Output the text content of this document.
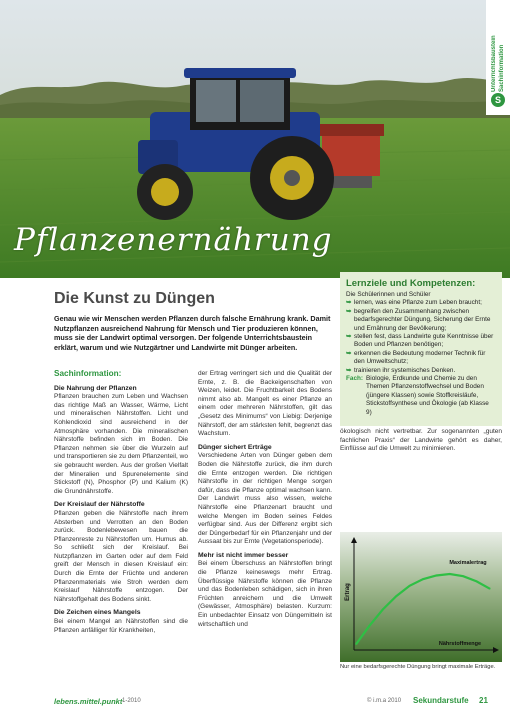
Pflanzenernährung
Unterrichtsbaustein Sachinformation
S
Die Kunst zu Düngen
Genau wie wir Menschen werden Pflanzen durch falsche Ernährung krank. Damit Nutzpflanzen ausreichend Nahrung für Mensch und Tier produzieren können, muss sie der Landwirt optimal versorgen. Der folgende Unterrichtsbaustein erklärt, warum und wie Nutzgärtner und Landwirte mit Dünger arbeiten.
Lernziele und Kompetenzen:
Die Schülerinnen und Schüler
➥ lernen, was eine Pflanze zum Leben braucht;
➥ begreifen den Zusammenhang zwischen bedarfsgerechter Düngung, Sicherung der Ernte und Ernährung der Bevölkerung;
➥ stellen fest, dass Landwirte gute Kenntnisse über Boden und Pflanzen benötigen;
➥ erkennen die Bedeutung moderner Technik für den Umweltschutz;
➥ trainieren ihr systemisches Denken.
Fach: Biologie, Erdkunde und Chemie zu den Themen Pflanzenstoffwechsel und Boden (jüngere Klassen) sowie Stoffkreisläufe, Stickstoffsynthese und Ökologie (ab Klasse 9)
Sachinformation:
Die Nahrung der Pflanzen

Pflanzen brauchen zum Leben und Wachsen das richtige Maß an Wasser, Wärme, Licht und mineralischen Nährstoffen. Licht und Kohlendioxid sind ausreichend in der Atmosphäre vorhanden. Die mineralischen Nährstoffe befinden sich im Boden. Die Pflanzen nehmen sie über die Wurzeln auf und transportieren sie zu dem Pflanzenteil, wo sie gebraucht werden. Aus der großen Vielfalt der Mineralien und Spurenelemente sind Stickstoff (N), Phosphor (P) und Kalium (K) die Grundnährstoffe.

Der Kreislauf der Nährstoffe

Pflanzen geben die Nährstoffe nach ihrem Absterben und Verrotten an den Boden zurück. Bodenlebewesen bauen die Pflanzenreste zu Nährstoffen um. Humus ab. So schließt sich der Kreislauf. Bei Nutzpflanzen im Garten oder auf dem Feld greift der Mensch in diesen Kreislauf ein: Durch die Ernte der Früchte und anderen Pflanzenmaterials wie Stroh werden dem Kreislauf Nährstoffe entzogen. Der Nährstoffgehalt des Bodens sinkt.

Die Zeichen eines Mangels

Bei einem Mangel an Nährstoffen sind die Pflanzen anfälliger für Krankheiten,

der Ertrag verringert sich und die Qualität der Ernte, z. B. die Backeigenschaften von Weizen, leidet. Die Fruchtbarkeit des Bodens nimmt also ab. Mangelt es einer Pflanze an einem oder mehreren Nährstoffen, gilt das „Gesetz des Minimums“ von Liebig: Derjenige Nährstoff, der am stärksten fehlt, begrenzt das Wachstum.

Dünger sichert Erträge

Verschiedene Arten von Dünger geben dem Boden die Nährstoffe zurück, die ihm durch die Ernte entzogen werden. Die richtigen Nährstoffe in der richtigen Menge sorgen dafür, dass die Pflanze optimal wachsen kann. Der Landwirt muss also wissen, welche Nährstoffe eine Pflanzenart braucht und welche Mengen im Boden seines Feldes verfügbar sind. Aus der Differenz ergibt sich der Düngerbedarf für ein Pflanzenjahr und der Aussaat bis zur Ernte (Vegetationsperiode).

Mehr ist nicht immer besser

Bei einem Überschuss an Nährstoffen bringt die Pflanze keineswegs mehr Ertrag. Überflüssige Nährstoffe können die Pflanze und das Bodenleben schädigen, sich in ihren Früchten anreichern und die Umwelt (Gewässer, Atmosphäre) belasten. Kurzum: Ein unbedachter Einsatz von Düngemitteln ist wirtschaftlich und

ökologisch nicht vertretbar. Zur sogenannten „guten fachlichen Praxis“ der Landwirte gehört es daher, Einflüsse auf die Umwelt zu minimieren.
Ertrag
Nährstoffmenge
Maximalertrag
Nur eine bedarfsgerechte Düngung bringt maximale Erträge.
lebens.mittel.punkt 1-2010	© i.m.a 2010 Sekundarstufe 21
